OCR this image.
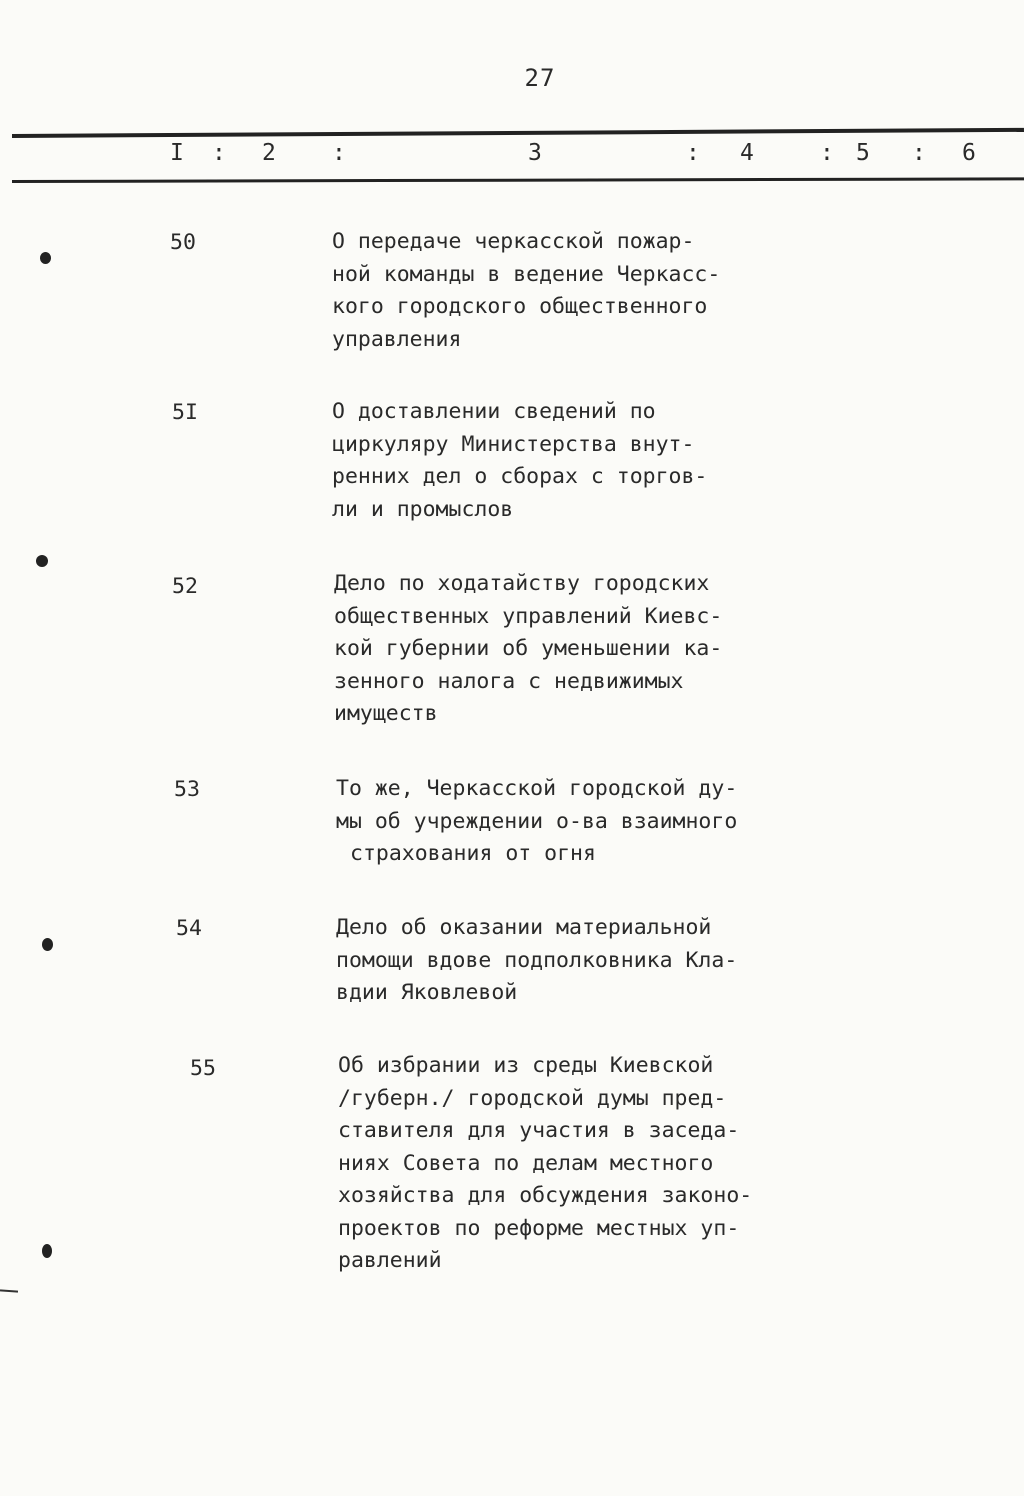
27
I : 2 :	3	: 4	: 5 : 6
50	О передаче черкасской пожар-
ной команды в ведение Черкасс-
кого городского общественного
управления
5I	О доставлении сведений по
циркуляру Министерства внут-
ренних дел о сборах с торгов-
ли и промыслов
52	Дело по ходатайству городских
общественных управлений Киевс-
кой губернии об уменьшении ка-
зенного налога с недвижимых
имуществ
53	То же, Черкасской городской ду-
мы об учреждении о-ва взаимного
страхования от огня
54	Дело об оказании материальной
помощи вдове подполковника Кла-
вдии Яковлевой
55	Об избрании из среды Киевской
/губерн./ городской думы пред-
ставителя для участия в заседа-
ниях Совета по делам местного
хозяйства для обсуждения законо-
проектов по реформе местных уп-
равлений
